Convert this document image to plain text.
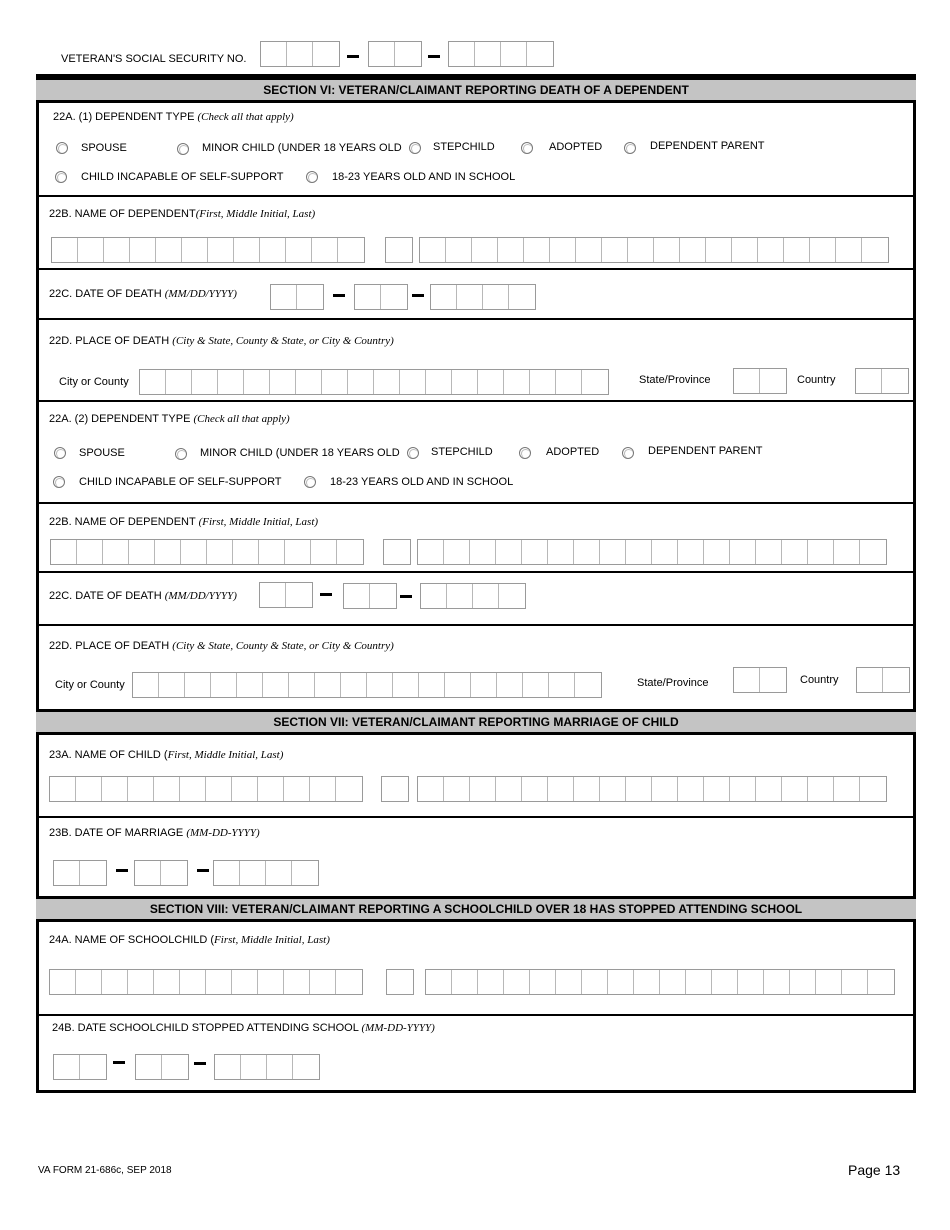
VETERAN'S SOCIAL SECURITY NO.
SECTION VI: VETERAN/CLAIMANT REPORTING DEATH OF A DEPENDENT
22A. (1) DEPENDENT TYPE (Check all that apply)
SPOUSE	MINOR CHILD (UNDER 18 YEARS OLD	STEPCHILD	ADOPTED	DEPENDENT PARENT
CHILD INCAPABLE OF SELF-SUPPORT	18-23 YEARS OLD AND IN SCHOOL
22B. NAME OF DEPENDENT(First, Middle Initial, Last)
22C. DATE OF DEATH (MM/DD/YYYY)
22D. PLACE OF DEATH (City & State, County & State, or City & Country)
City or County	State/Province	Country
22A. (2) DEPENDENT TYPE (Check all that apply)
SPOUSE	MINOR CHILD (UNDER 18 YEARS OLD	STEPCHILD	ADOPTED	DEPENDENT PARENT
CHILD INCAPABLE OF SELF-SUPPORT	18-23 YEARS OLD AND IN SCHOOL
22B. NAME OF DEPENDENT (First, Middle Initial, Last)
22C. DATE OF DEATH (MM/DD/YYYY)
22D. PLACE OF DEATH (City & State, County & State, or City & Country)
City or County	State/Province	Country
SECTION VII: VETERAN/CLAIMANT REPORTING MARRIAGE OF CHILD
23A. NAME OF CHILD (First, Middle Initial, Last)
23B. DATE OF MARRIAGE (MM-DD-YYYY)
SECTION VIII: VETERAN/CLAIMANT REPORTING A SCHOOLCHILD OVER 18 HAS STOPPED ATTENDING SCHOOL
24A. NAME OF SCHOOLCHILD (First, Middle Initial, Last)
24B. DATE SCHOOLCHILD STOPPED ATTENDING SCHOOL (MM-DD-YYYY)
VA FORM 21-686c, SEP 2018	Page 13
